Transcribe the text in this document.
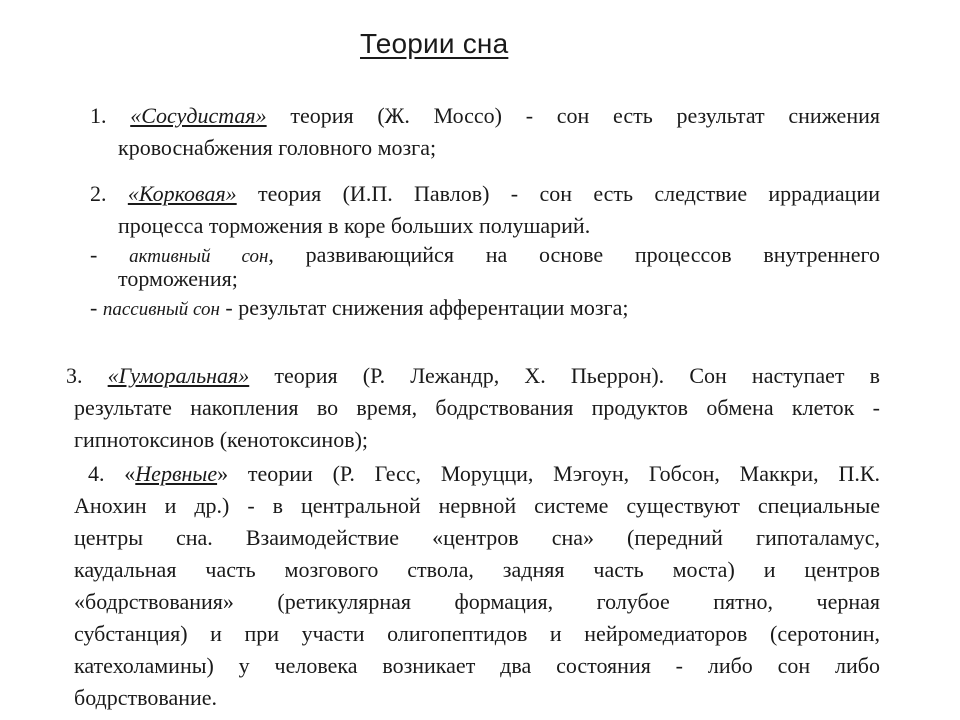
Теории сна
1. «Сосудистая» теория (Ж. Моссо) - сон есть результат снижения
кровоснабжения головного мозга;
2. «Корковая» теория (И.П. Павлов) - сон есть следствие иррадиации
процесса торможения в коре больших полушарий.
- активный сон, развивающийся на основе процессов внутреннего
торможения;
- пассивный сон - результат снижения афферентации мозга;
3. «Гуморальная» теория (Р. Лежандр, Х. Пьеррон). Сон наступает в
результате накопления во время, бодрствования продуктов обмена клеток -
гипнотоксинов (кенотоксинов);
4. «Нервные» теории (Р. Гесс, Моруцци, Мэгоун, Гобсон, Маккри, П.К.
Анохин и др.) - в центральной нервной системе существуют специальные
центры сна. Взаимодействие «центров сна» (передний гипоталамус,
каудальная часть мозгового ствола, задняя часть моста) и центров
«бодрствования» (ретикулярная формация, голубое пятно, черная
субстанция) и при участи олигопептидов и нейромедиаторов (серотонин,
катехоламины) у человека возникает два состояния - либо сон либо
бодрствование.
